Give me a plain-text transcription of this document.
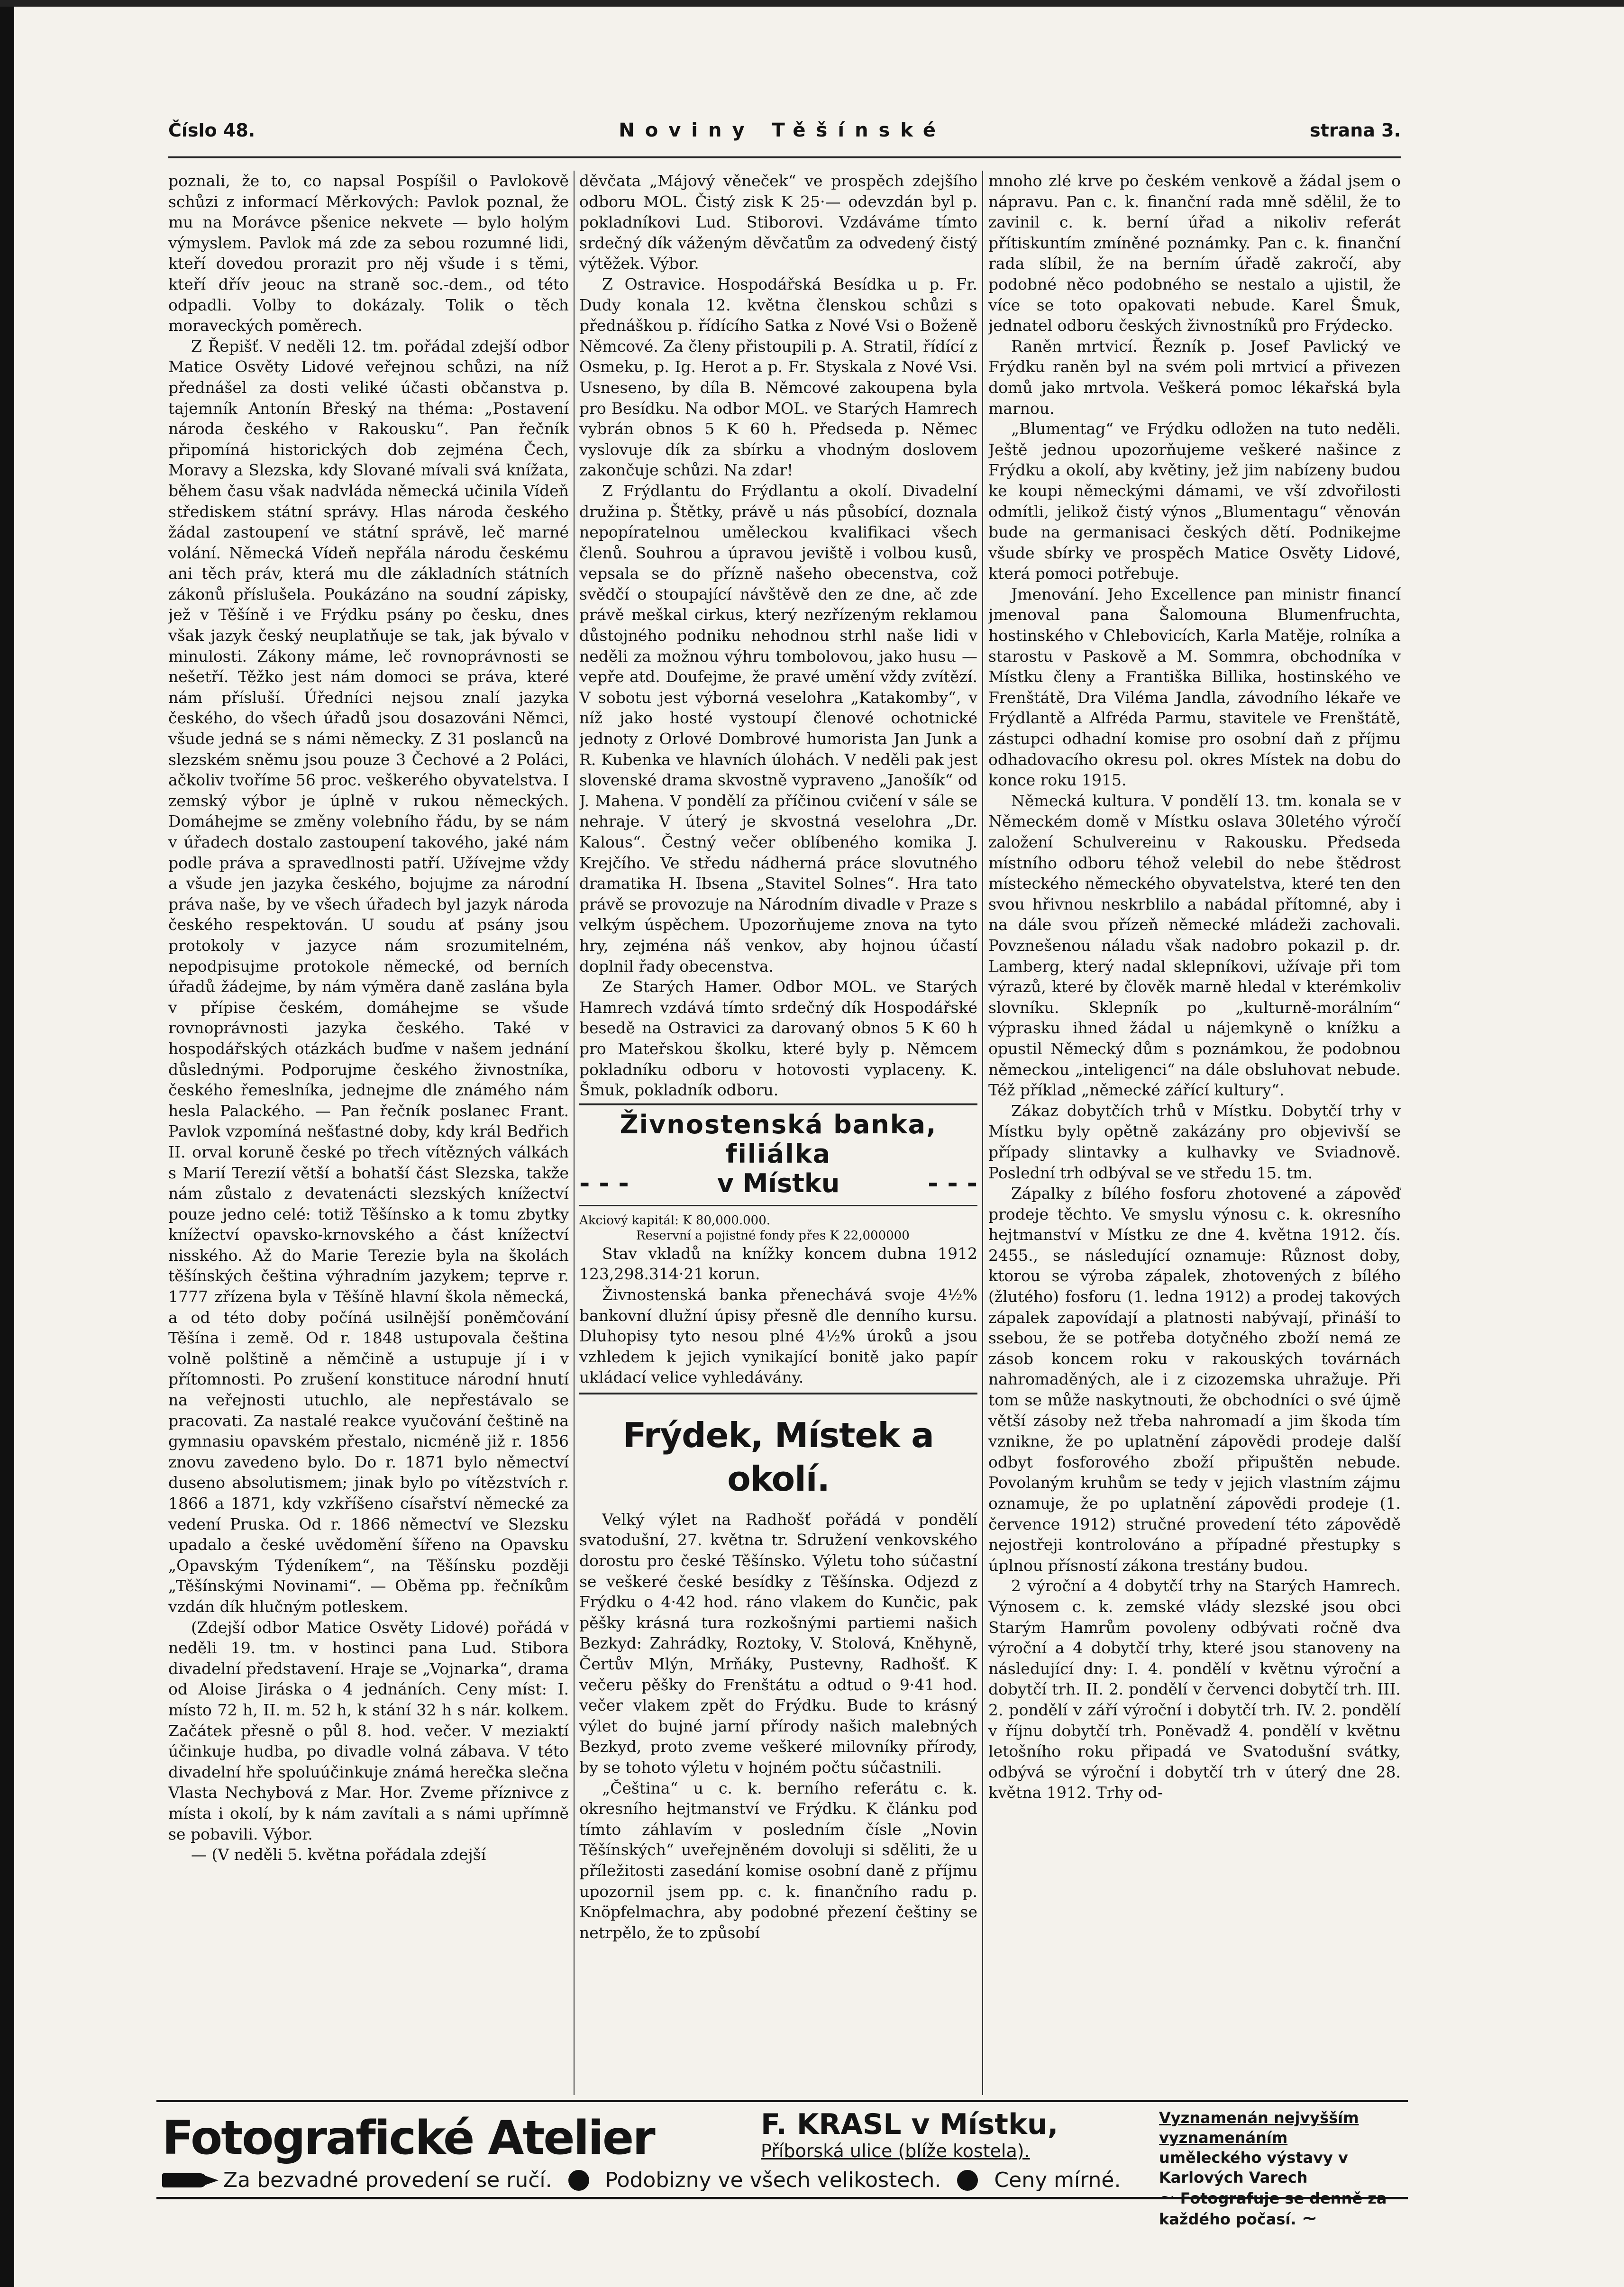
Číslo 48.	Noviny Těšínské	strana 3.

poznali, že to, co napsal Pospíšil o Pavlokově schůzi z informací Měrkových: Pavlok poznal, že mu na Morávce pšenice nekvete — bylo holým výmyslem. Pavlok má zde za sebou rozumné lidi, kteří dovedou prorazit pro něj všude i s těmi, kteří dřív jeouc na straně soc.-dem., od této odpadli. Volby to dokázaly. Tolik o těch moraveckých poměrech.

Z Řepišť. V neděli 12. tm. pořádal zdejší odbor Matice Osvěty Lidové veřejnou schůzi, na níž přednášel za dosti veliké účasti občanstva p. tajemník Antonín Břeský na théma: „Postavení národa českého v Rakousku“. Pan řečník připomíná historických dob zejména Čech, Moravy a Slezska, kdy Slované mívali svá knížata, během času však nadvláda německá učinila Vídeň střediskem státní správy. Hlas národa českého žádal zastoupení ve státní správě, leč marné volání. Německá Vídeň nepřála národu českému ani těch práv, která mu dle základních státních zákonů příslušela. Poukázáno na soudní zápisky, jež v Těšíně i ve Frýdku psány po česku, dnes však jazyk český neuplatňuje se tak, jak bývalo v minulosti. Zákony máme, leč rovnoprávnosti se nešetří. Těžko jest nám domoci se práva, které nám přísluší. Úředníci nejsou znalí jazyka českého, do všech úřadů jsou dosazováni Němci, všude jedná se s námi německy. Z 31 poslanců na slezském sněmu jsou pouze 3 Čechové a 2 Poláci, ačkoliv tvoříme 56 proc. veškerého obyvatelstva. I zemský výbor je úplně v rukou německých. Domáhejme se změny volebního řádu, by se nám v úřadech dostalo zastoupení takového, jaké nám podle práva a spravedlnosti patří. Užívejme vždy a všude jen jazyka českého, bojujme za národní práva naše, by ve všech úřadech byl jazyk národa českého respektován. U soudu ať psány jsou protokoly v jazyce nám srozumitelném, nepodpisujme protokole německé, od berních úřadů žádejme, by nám výměra daně zaslána byla v přípise českém, domáhejme se všude rovnoprávnosti jazyka českého. Také v hospodářských otázkách buďme v našem jednání důslednými. Podporujme českého živnostníka, českého řemeslníka, jednejme dle známého nám hesla Palackého. — Pan řečník poslanec Frant. Pavlok vzpomíná nešťastné doby, kdy král Bedřich II. orval koruně české po třech vítězných válkách s Marií Terezií větší a bohatší část Slezska, takže nám zůstalo z devatenácti slezských knížectví pouze jedno celé: totiž Těšínsko a k tomu zbytky knížectví opavsko-krnovského a část knížectví nisského. Až do Marie Terezie byla na školách těšínských čeština výhradním jazykem; teprve r. 1777 zřízena byla v Těšíně hlavní škola německá, a od této doby počíná usilnější poněmčování Těšína i země. Od r. 1848 ustupovala čeština volně polštině a němčině a ustupuje jí i v přítomnosti. Po zrušení konstituce národní hnutí na veřejnosti utuchlo, ale nepřestávalo se pracovati. Za nastalé reakce vyučování češtině na gymnasiu opavském přestalo, nicméně již r. 1856 znovu zavedeno bylo. Do r. 1871 bylo němectví duseno absolutismem; jinak bylo po vítězstvích r. 1866 a 1871, kdy vzkříšeno císařství německé za vedení Pruska. Od r. 1866 němectví ve Slezsku upadalo a české uvědomění šířeno na Opavsku „Opavským Týdeníkem“, na Těšínsku později „Těšínskými Novinami“. — Oběma pp. řečníkům vzdán dík hlučným potleskem.

(Zdejší odbor Matice Osvěty Lidové) pořádá v neděli 19. tm. v hostinci pana Lud. Stibora divadelní představení. Hraje se „Vojnarka“, drama od Aloise Jiráska o 4 jednáních. Ceny míst: I. místo 72 h, II. m. 52 h, k stání 32 h s nár. kolkem. Začátek přesně o půl 8. hod. večer. V meziaktí účinkuje hudba, po divadle volná zábava. V této divadelní hře spoluúčinkuje známá herečka slečna Vlasta Nechybová z Mar. Hor. Zveme příznivce z místa i okolí, by k nám zavítali a s námi upřímně se pobavili. Výbor.

— (V neděli 5. května pořádala zdejší

děvčata „Májový věneček“ ve prospěch zdejšího odboru MOL. Čistý zisk K 25·— odevzdán byl p. pokladníkovi Lud. Stiborovi. Vzdáváme tímto srdečný dík váženým děvčatům za odvedený čistý výtěžek. Výbor.

Z Ostravice. Hospodářská Besídka u p. Fr. Dudy konala 12. května členskou schůzi s přednáškou p. řídícího Satka z Nové Vsi o Boženě Němcové. Za členy přistoupili p. A. Stratil, řídící z Osmeku, p. Ig. Herot a p. Fr. Styskala z Nové Vsi. Usneseno, by díla B. Němcové zakoupena byla pro Besídku. Na odbor MOL. ve Starých Hamrech vybrán obnos 5 K 60 h. Předseda p. Němec vyslovuje dík za sbírku a vhodným doslovem zakončuje schůzi. Na zdar!

Z Frýdlantu do Frýdlantu a okolí. Divadelní družina p. Štětky, právě u nás působící, doznala nepopíratelnou uměleckou kvalifikaci všech členů. Souhrou a úpravou jeviště i volbou kusů, vepsala se do přízně našeho obecenstva, což svědčí o stoupající návštěvě den ze dne, ač zde právě meškal cirkus, který nezřízeným reklamou důstojného podniku nehodnou strhl naše lidi v neděli za možnou výhru tombolovou, jako husu — vepře atd. Doufejme, že pravé umění vždy zvítězí. V sobotu jest výborná veselohra „Katakomby“, v níž jako hosté vystoupí členové ochotnické jednoty z Orlové Dombrové humorista Jan Junk a R. Kubenka ve hlavních úlohách. V neděli pak jest slovenské drama skvostně vypraveno „Janošík“ od J. Mahena. V pondělí za příčinou cvičení v sále se nehraje. V úterý je skvostná veselohra „Dr. Kalous“. Čestný večer oblíbeného komika J. Krejčího. Ve středu nádherná práce slovutného dramatika H. Ibsena „Stavitel Solnes“. Hra tato právě se provozuje na Národním divadle v Praze s velkým úspěchem. Upozorňujeme znova na tyto hry, zejména náš venkov, aby hojnou účastí doplnil řady obecenstva.

Ze Starých Hamer. Odbor MOL. ve Starých Hamrech vzdává tímto srdečný dík Hospodářské besedě na Ostravici za darovaný obnos 5 K 60 h pro Mateřskou školku, které byly p. Němcem pokladníku odboru v hotovosti vyplaceny. K. Šmuk, pokladník odboru.

Živnostenská banka, filiálka
- - -	v Místku	- - -

Akciový kapitál: K 80,000.000.

Reservní a pojistné fondy přes K 22,000000

Stav vkladů na knížky koncem dubna 1912 123,298.314·21 korun.

Živnostenská banka přenechává svoje 4½% bankovní dlužní úpisy přesně dle denního kursu. Dluhopisy tyto nesou plné 4½% úroků a jsou vzhledem k jejich vynikající bonitě jako papír ukládací velice vyhledávány.

Frýdek, Místek a okolí.

Velký výlet na Radhošť pořádá v pondělí svatodušní, 27. května tr. Sdružení venkovského dorostu pro české Těšínsko. Výletu toho súčastní se veškeré české besídky z Těšínska. Odjezd z Frýdku o 4·42 hod. ráno vlakem do Kunčic, pak pěšky krásná tura rozkošnými partiemi našich Bezkyd: Zahrádky, Roztoky, V. Stolová, Kněhyně, Čertův Mlýn, Mrňáky, Pustevny, Radhošť. K večeru pěšky do Frenštátu a odtud o 9·41 hod. večer vlakem zpět do Frýdku. Bude to krásný výlet do bujné jarní přírody našich malebných Bezkyd, proto zveme veškeré milovníky přírody, by se tohoto výletu v hojném počtu súčastnili.

„Čeština“ u c. k. berního referátu c. k. okresního hejtmanství ve Frýdku. K článku pod tímto záhlavím v posledním čísle „Novin Těšínských“ uveřejněném dovoluji si sděliti, že u příležitosti zasedání komise osobní daně z příjmu upozornil jsem pp. c. k. finančního radu p. Knöpfelmachra, aby podobné přezení češtiny se netrpělo, že to způsobí

mnoho zlé krve po českém venkově a žádal jsem o nápravu. Pan c. k. finanční rada mně sdělil, že to zavinil c. k. berní úřad a nikoliv referát přítiskuntím zmíněné poznámky. Pan c. k. finanční rada slíbil, že na berním úřadě zakročí, aby podobné něco podobného se nestalo a ujistil, že více se toto opakovati nebude. Karel Šmuk, jednatel odboru českých živnostníků pro Frýdecko.

Raněn mrtvicí. Řezník p. Josef Pavlický ve Frýdku raněn byl na svém poli mrtvicí a přivezen domů jako mrtvola. Veškerá pomoc lékařská byla marnou.

„Blumentag“ ve Frýdku odložen na tuto neděli. Ještě jednou upozorňujeme veškeré našince z Frýdku a okolí, aby květiny, jež jim nabízeny budou ke koupi německými dámami, ve vší zdvořilosti odmítli, jelikož čistý výnos „Blumentagu“ věnován bude na germanisaci českých dětí. Podnikejme všude sbírky ve prospěch Matice Osvěty Lidové, která pomoci potřebuje.

Jmenování. Jeho Excellence pan ministr financí jmenoval pana Šalomouna Blumenfruchta, hostinského v Chlebovicích, Karla Matěje, rolníka a starostu v Paskově a M. Sommra, obchodníka v Místku členy a Františka Billika, hostinského ve Frenštátě, Dra Viléma Jandla, závodního lékaře ve Frýdlantě a Alfréda Parmu, stavitele ve Frenštátě, zástupci odhadní komise pro osobní daň z příjmu odhadovacího okresu pol. okres Místek na dobu do konce roku 1915.

Německá kultura. V pondělí 13. tm. konala se v Německém domě v Místku oslava 30letého výročí založení Schulvereinu v Rakousku. Předseda místního odboru téhož velebil do nebe štědrost místeckého německého obyvatelstva, které ten den svou hřivnou neskrblilo a nabádal přítomné, aby i na dále svou přízeň německé mládeži zachovali. Povznešenou náladu však nadobro pokazil p. dr. Lamberg, který nadal sklepníkovi, užívaje při tom výrazů, které by člověk marně hledal v kterémkoliv slovníku. Sklepník po „kulturně-morálním“ výprasku ihned žádal u nájemkyně o knížku a opustil Německý dům s poznámkou, že podobnou německou „inteligenci“ na dále obsluhovat nebude. Též příklad „německé zářící kultury“.

Zákaz dobytčích trhů v Místku. Dobytčí trhy v Místku byly opětně zakázány pro objevivší se případy slintavky a kulhavky ve Sviadnově. Poslední trh odbýval se ve středu 15. tm.

Zápalky z bílého fosforu zhotovené a zápověď prodeje těchto. Ve smyslu výnosu c. k. okresního hejtmanství v Místku ze dne 4. května 1912. čís. 2455., se následující oznamuje: Různost doby, ktorou se výroba zápalek, zhotovených z bílého (žlutého) fosforu (1. ledna 1912) a prodej takových zápalek zapovídají a platnosti nabývají, přináší to ssebou, že se potřeba dotyčného zboží nemá ze zásob koncem roku v rakouských továrnách nahromaděných, ale i z cizozemska uhražuje. Při tom se může naskytnouti, že obchodníci o své újmě větší zásoby než třeba nahromadí a jim škoda tím vznikne, že po uplatnění zápovědi prodeje další odbyt fosforového zboží připuštěn nebude. Povolaným kruhům se tedy v jejich vlastním zájmu oznamuje, že po uplatnění zápovědi prodeje (1. července 1912) stručné provedení této zápovědě nejostřeji kontrolováno a případné přestupky s úplnou přísností zákona trestány budou.

2 výroční a 4 dobytčí trhy na Starých Hamrech. Výnosem c. k. zemské vlády slezské jsou obci Starým Hamrům povoleny odbývati ročně dva výroční a 4 dobytčí trhy, které jsou stanoveny na následující dny: I. 4. pondělí v květnu výroční a dobytčí trh. II. 2. pondělí v červenci dobytčí trh. III. 2. pondělí v září výroční i dobytčí trh. IV. 2. pondělí v říjnu dobytčí trh. Poněvadž 4. pondělí v květnu letošního roku připadá ve Svatodušní svátky, odbývá se výroční i dobytčí trh v úterý dne 28. května 1912. Trhy od-

Fotografické Atelier	F. KRASL v Místku,
Příborská ulice (blíže kostela).
Vyznamenán nejvyšším vyznamenáním
uměleckého výstavy v Karlových Varech
~ Fotografuje se denně za každého počasí. ~
Za bezvadné provedení se ručí.	Podobizny ve všech velikostech.	Ceny mírné.
